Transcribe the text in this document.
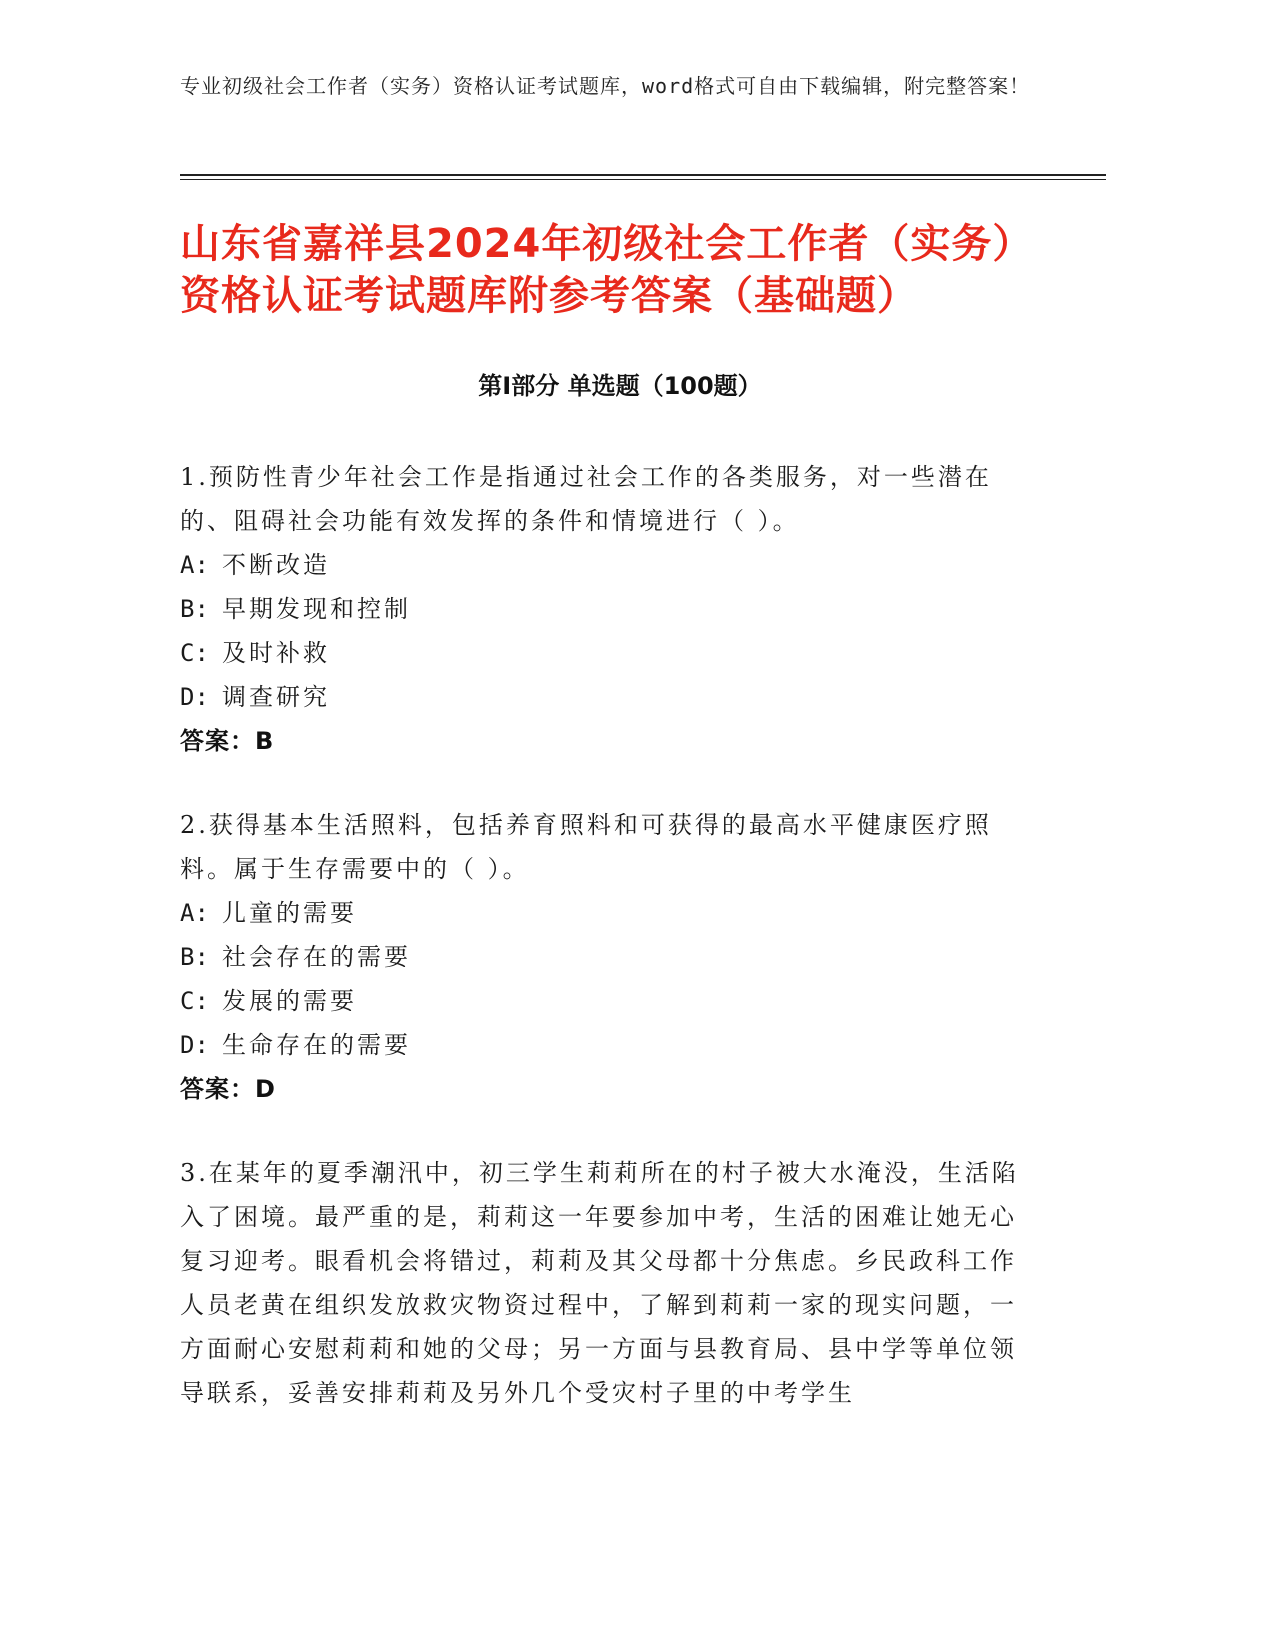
专业初级社会工作者（实务）资格认证考试题库，word格式可自由下载编辑，附完整答案！
山东省嘉祥县2024年初级社会工作者（实务）资格认证考试题库附参考答案（基础题）
第I部分 单选题（100题）
1.预防性青少年社会工作是指通过社会工作的各类服务，对一些潜在的、阻碍社会功能有效发挥的条件和情境进行（ ）。
A: 不断改造
B: 早期发现和控制
C: 及时补救
D: 调查研究
答案：B
2.获得基本生活照料，包括养育照料和可获得的最高水平健康医疗照料。属于生存需要中的（ ）。
A: 儿童的需要
B: 社会存在的需要
C: 发展的需要
D: 生命存在的需要
答案：D
3.在某年的夏季潮汛中，初三学生莉莉所在的村子被大水淹没，生活陷入了困境。最严重的是，莉莉这一年要参加中考，生活的困难让她无心复习迎考。眼看机会将错过，莉莉及其父母都十分焦虑。乡民政科工作人员老黄在组织发放救灾物资过程中，了解到莉莉一家的现实问题，一方面耐心安慰莉莉和她的父母；另一方面与县教育局、县中学等单位领导联系，妥善安排莉莉及另外几个受灾村子里的中考学生
